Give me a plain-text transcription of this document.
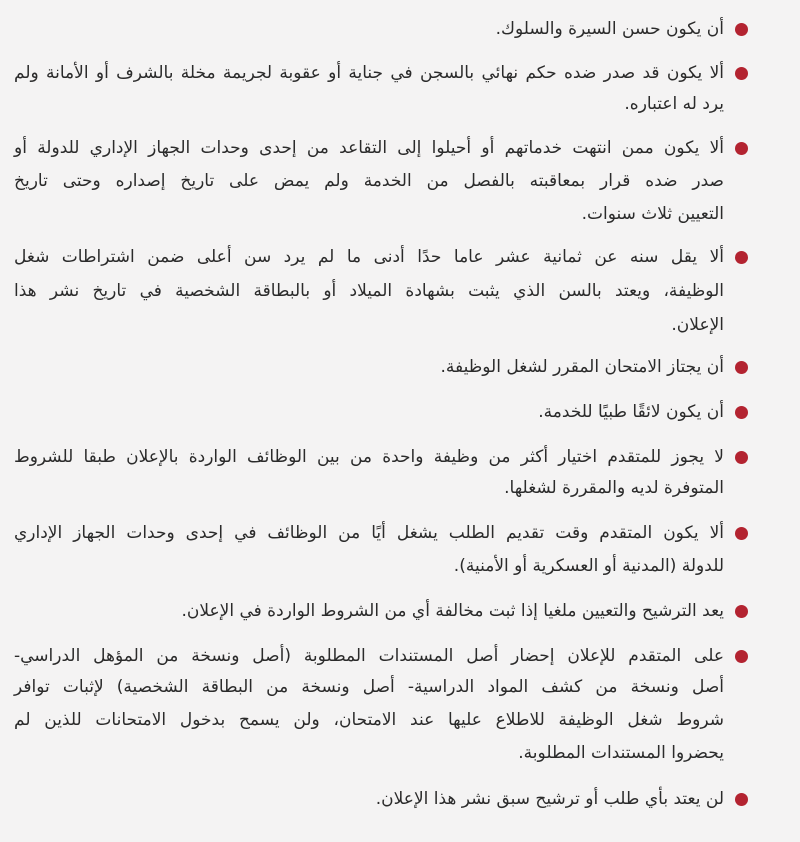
أن يكون حسن السيرة والسلوك.
ألا يكون قد صدر ضده حكم نهائي بالسجن في جناية أو عقوبة لجريمة مخلة بالشرف أو الأمانة ولم
يرد له اعتباره.
ألا يكون ممن انتهت خدماتهم أو أحيلوا إلى التقاعد من إحدى وحدات الجهاز الإداري للدولة أو
صدر ضده قرار بمعاقبته بالفصل من الخدمة ولم يمض على تاريخ إصداره وحتى تاريخ
التعيين ثلاث سنوات.
ألا يقل سنه عن ثمانية عشر عاما حدًا أدنى ما لم يرد سن أعلى ضمن اشتراطات شغل
الوظيفة، ويعتد بالسن الذي يثبت بشهادة الميلاد أو بالبطاقة الشخصية في تاريخ نشر هذا
الإعلان.
أن يجتاز الامتحان المقرر لشغل الوظيفة.
أن يكون لائقًا طبيًا للخدمة.
لا يجوز للمتقدم اختيار أكثر من وظيفة واحدة من بين الوظائف الواردة بالإعلان طبقا للشروط
المتوفرة لديه والمقررة لشغلها.
ألا يكون المتقدم وقت تقديم الطلب يشغل أيًا من الوظائف في إحدى وحدات الجهاز الإداري
للدولة (المدنية أو العسكرية أو الأمنية).
يعد الترشيح والتعيين ملغيا إذا ثبت مخالفة أي من الشروط الواردة في الإعلان.
على المتقدم للإعلان إحضار أصل المستندات المطلوبة (أصل ونسخة من المؤهل الدراسي-
أصل ونسخة من كشف المواد الدراسية- أصل ونسخة من البطاقة الشخصية) لإثبات توافر
شروط شغل الوظيفة للاطلاع عليها عند الامتحان، ولن يسمح بدخول الامتحانات للذين لم
يحضروا المستندات المطلوبة.
لن يعتد بأي طلب أو ترشيح سبق نشر هذا الإعلان.
